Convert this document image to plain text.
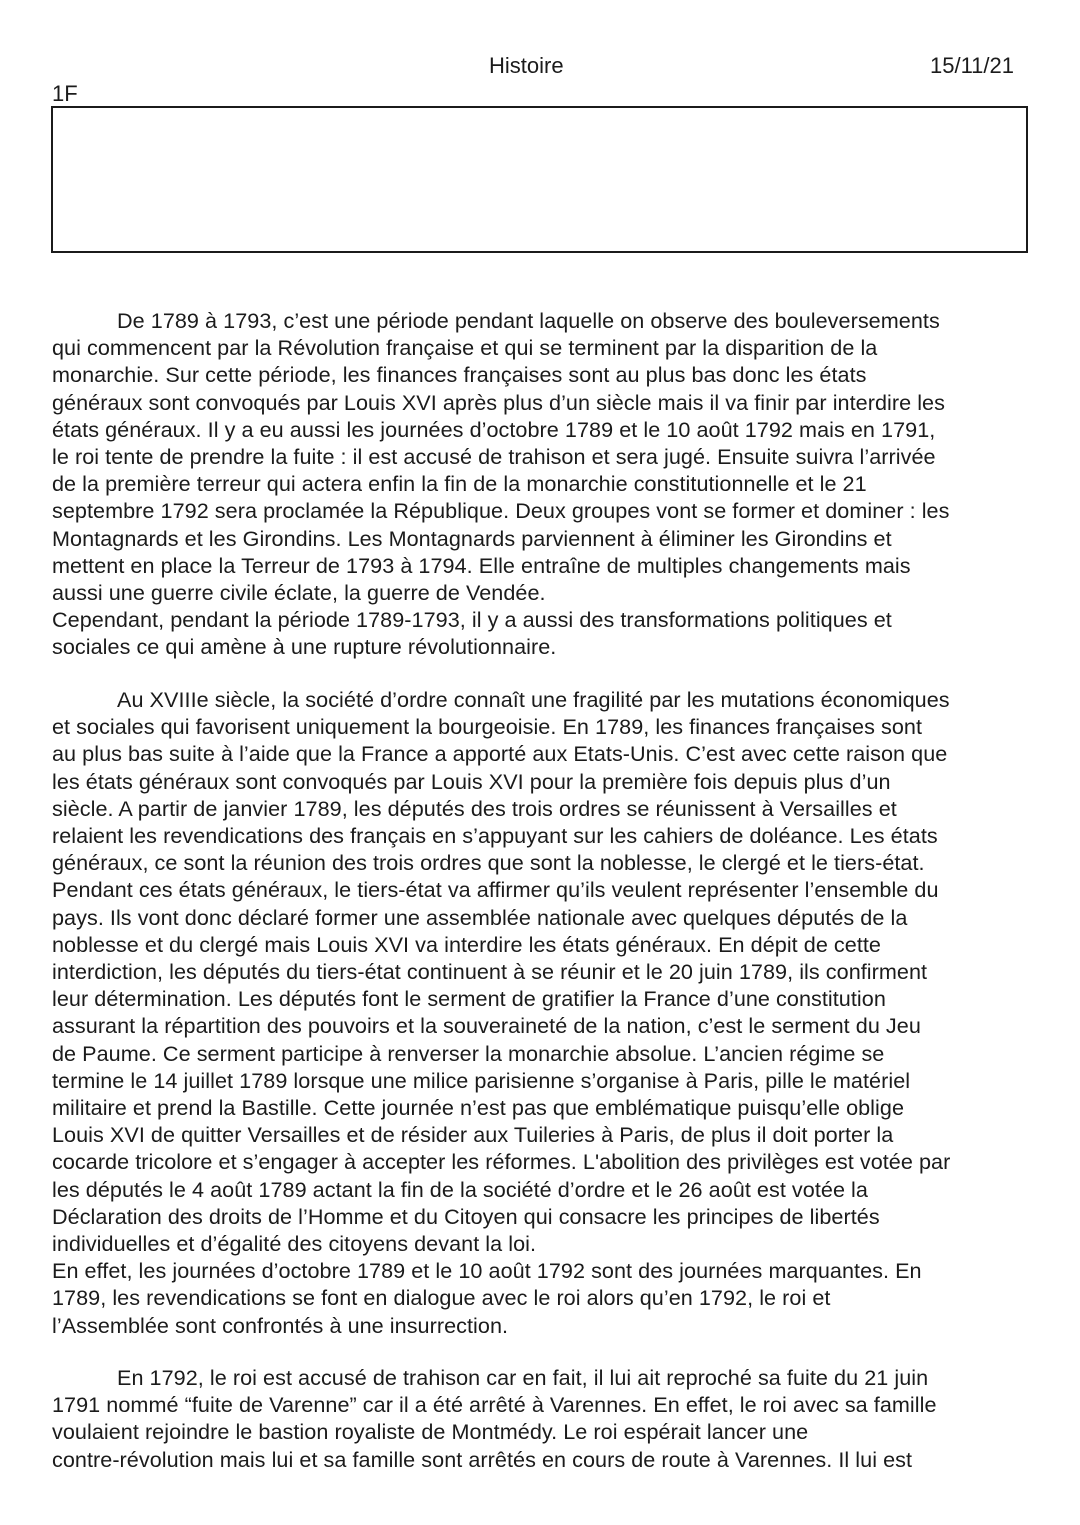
Histoire	15/11/21
1F
De 1789 à 1793, c’est une période pendant laquelle on observe des bouleversements
qui commencent par la Révolution française et qui se terminent par la disparition de la
monarchie. Sur cette période, les finances françaises sont au plus bas donc les états
généraux sont convoqués par Louis XVI après plus d’un siècle mais il va finir par interdire les
états généraux. Il y a eu aussi les journées d’octobre 1789 et le 10 août 1792 mais en 1791,
le roi tente de prendre la fuite : il est accusé de trahison et sera jugé. Ensuite suivra l’arrivée
de la première terreur qui actera enfin la fin de la monarchie constitutionnelle et le 21
septembre 1792 sera proclamée la République. Deux groupes vont se former et dominer : les
Montagnards et les Girondins. Les Montagnards parviennent à éliminer les Girondins et
mettent en place la Terreur de 1793 à 1794. Elle entraîne de multiples changements mais
aussi une guerre civile éclate, la guerre de Vendée.
Cependant, pendant la période 1789-1793, il y a aussi des transformations politiques et
sociales ce qui amène à une rupture révolutionnaire.
Au XVIIIe siècle, la société d’ordre connaît une fragilité par les mutations économiques
et sociales qui favorisent uniquement la bourgeoisie. En 1789, les finances françaises sont
au plus bas suite à l’aide que la France a apporté aux Etats-Unis. C’est avec cette raison que
les états généraux sont convoqués par Louis XVI pour la première fois depuis plus d’un
siècle. A partir de janvier 1789, les députés des trois ordres se réunissent à Versailles et
relaient les revendications des français en s’appuyant sur les cahiers de doléance. Les états
généraux, ce sont la réunion des trois ordres que sont la noblesse, le clergé et le tiers-état.
Pendant ces états généraux, le tiers-état va affirmer qu’ils veulent représenter l’ensemble du
pays. Ils vont donc déclaré former une assemblée nationale avec quelques députés de la
noblesse et du clergé mais Louis XVI va interdire les états généraux. En dépit de cette
interdiction, les députés du tiers-état continuent à se réunir et le 20 juin 1789, ils confirment
leur détermination. Les députés font le serment de gratifier la France d’une constitution
assurant la répartition des pouvoirs et la souveraineté de la nation, c’est le serment du Jeu
de Paume. Ce serment participe à renverser la monarchie absolue. L’ancien régime se
termine le 14 juillet 1789 lorsque une milice parisienne s’organise à Paris, pille le matériel
militaire et prend la Bastille. Cette journée n’est pas que emblématique puisqu’elle oblige
Louis XVI de quitter Versailles et de résider aux Tuileries à Paris, de plus il doit porter la
cocarde tricolore et s’engager à accepter les réformes. L'abolition des privilèges est votée par
les députés le 4 août 1789 actant la fin de la société d’ordre et le 26 août est votée la
Déclaration des droits de l’Homme et du Citoyen qui consacre les principes de libertés
individuelles et d’égalité des citoyens devant la loi.
En effet, les journées d’octobre 1789 et le 10 août 1792 sont des journées marquantes. En
1789, les revendications se font en dialogue avec le roi alors qu’en 1792, le roi et
l’Assemblée sont confrontés à une insurrection.
En 1792, le roi est accusé de trahison car en fait, il lui ait reproché sa fuite du 21 juin
1791 nommé “fuite de Varenne” car il a été arrêté à Varennes. En effet, le roi avec sa famille
voulaient rejoindre le bastion royaliste de Montmédy. Le roi espérait lancer une
contre-révolution mais lui et sa famille sont arrêtés en cours de route à Varennes. Il lui est
